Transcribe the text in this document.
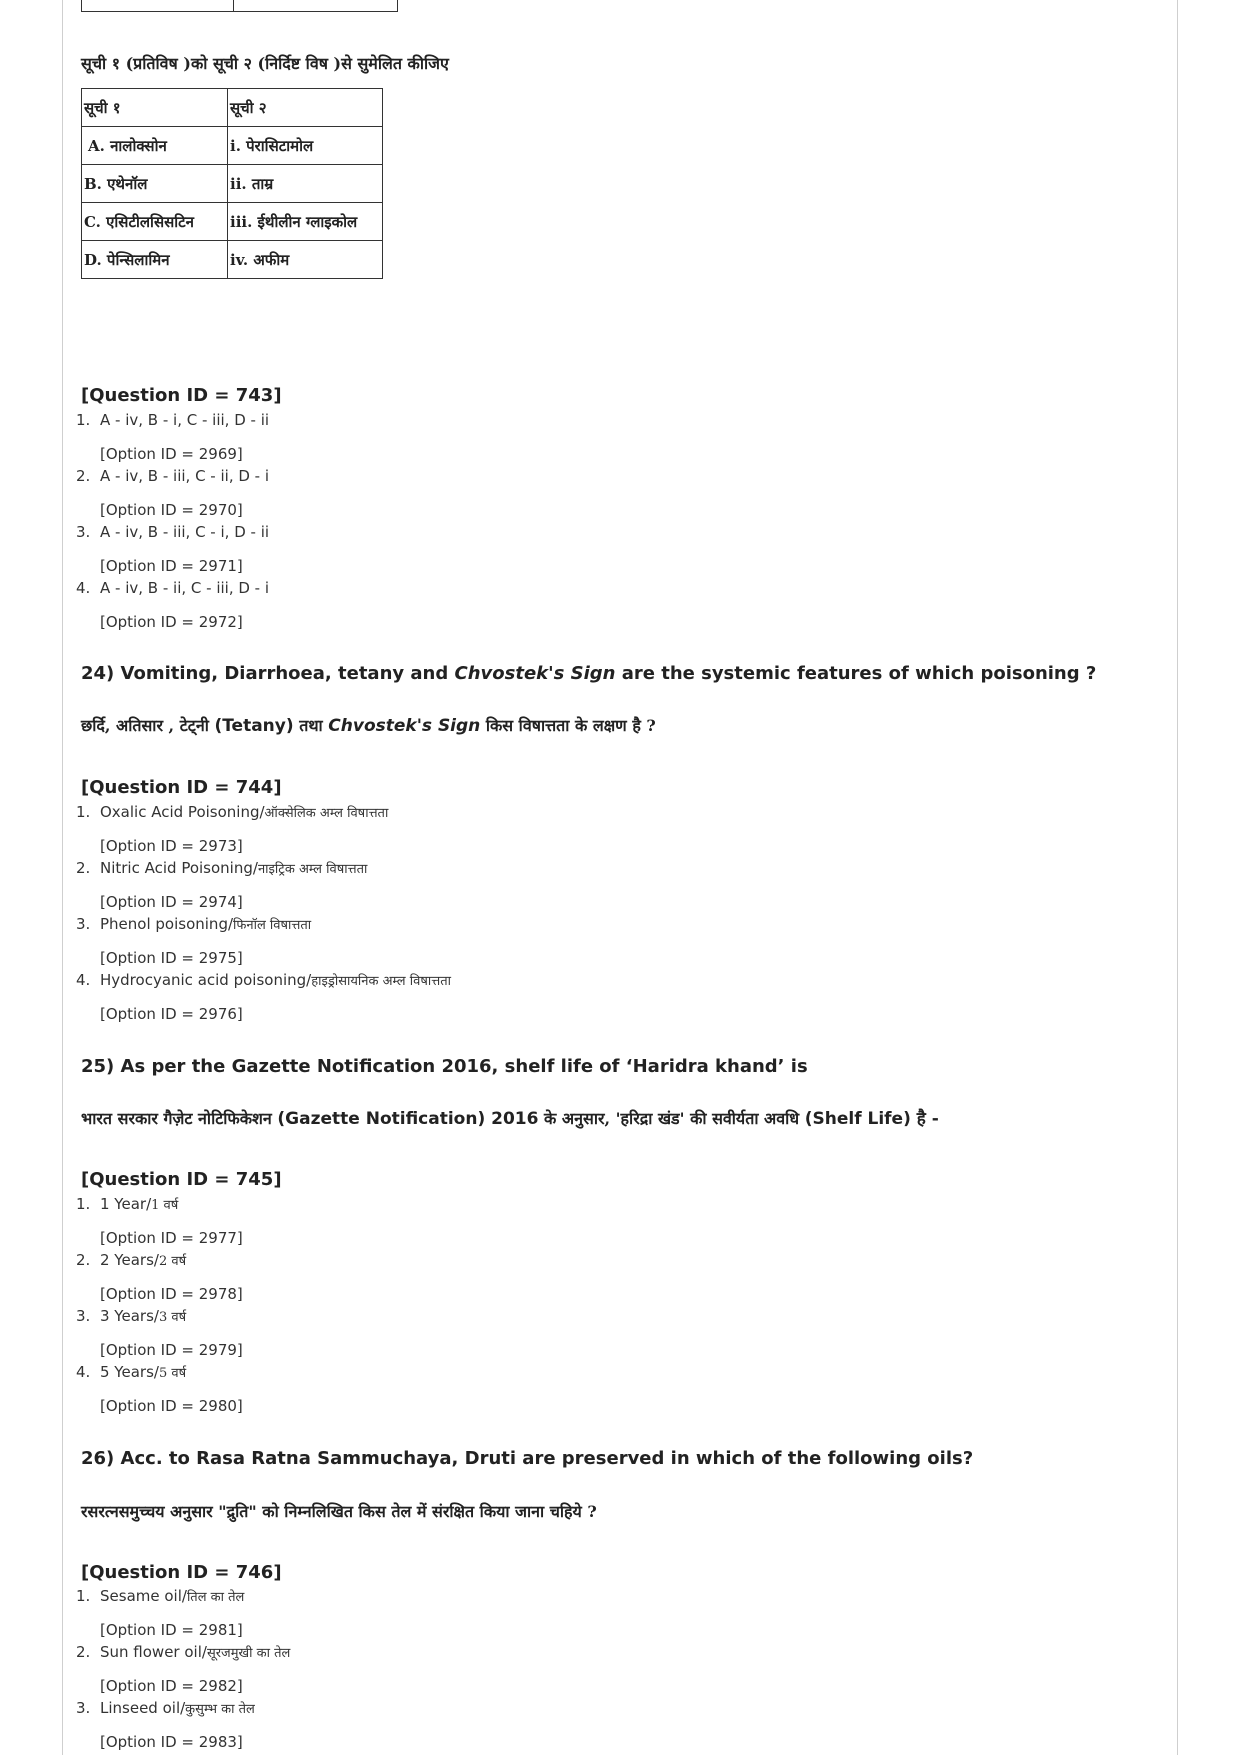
सूची १ (प्रतिविष )को सूची २ (निर्दिष्ट विष )से सुमेलित कीजिए
सूची १	सूची २
A. नालोक्सोन	i. पेरासिटामोल
B. एथेनॉल	ii. ताम्र
C. एसिटीलसिसटिन	iii. ईथीलीन ग्लाइकोल
D. पेन्सिलामिन	iv. अफीम
[Question ID = 743]
1. A - iv, B - i, C - iii, D - ii
[Option ID = 2969]
2. A - iv, B - iii, C - ii, D - i
[Option ID = 2970]
3. A - iv, B - iii, C - i, D - ii
[Option ID = 2971]
4. A - iv, B - ii, C - iii, D - i
[Option ID = 2972]
24) Vomiting, Diarrhoea, tetany and Chvostek's Sign are the systemic features of which poisoning ?
छर्दि, अतिसार , टेट्नी (Tetany) तथा Chvostek's Sign किस विषात्तता के लक्षण है ?
[Question ID = 744]
1. Oxalic Acid Poisoning/ऑक्सेलिक अम्ल विषात्तता
[Option ID = 2973]
2. Nitric Acid Poisoning/नाइट्रिक अम्ल विषात्तता
[Option ID = 2974]
3. Phenol poisoning/फिनॉल विषात्तता
[Option ID = 2975]
4. Hydrocyanic acid poisoning/हाइड्रोसायनिक अम्ल विषात्तता
[Option ID = 2976]
25) As per the Gazette Notification 2016, shelf life of ‘Haridra khand’ is
भारत सरकार गैज़ेट नोटिफिकेशन (Gazette Notification) 2016 के अनुसार, 'हरिद्रा खंड' की सवीर्यता अवधि (Shelf Life) है -
[Question ID = 745]
1. 1 Year/1 वर्ष
[Option ID = 2977]
2. 2 Years/2 वर्ष
[Option ID = 2978]
3. 3 Years/3 वर्ष
[Option ID = 2979]
4. 5 Years/5 वर्ष
[Option ID = 2980]
26) Acc. to Rasa Ratna Sammuchaya, Druti are preserved in which of the following oils?
रसरत्नसमुच्चय अनुसार "द्रुति" को निम्नलिखित किस तेल में संरक्षित किया जाना चहिये ?
[Question ID = 746]
1. Sesame oil/तिल का तेल
[Option ID = 2981]
2. Sun flower oil/सूरजमुखी का तेल
[Option ID = 2982]
3. Linseed oil/कुसुम्भ का तेल
[Option ID = 2983]
